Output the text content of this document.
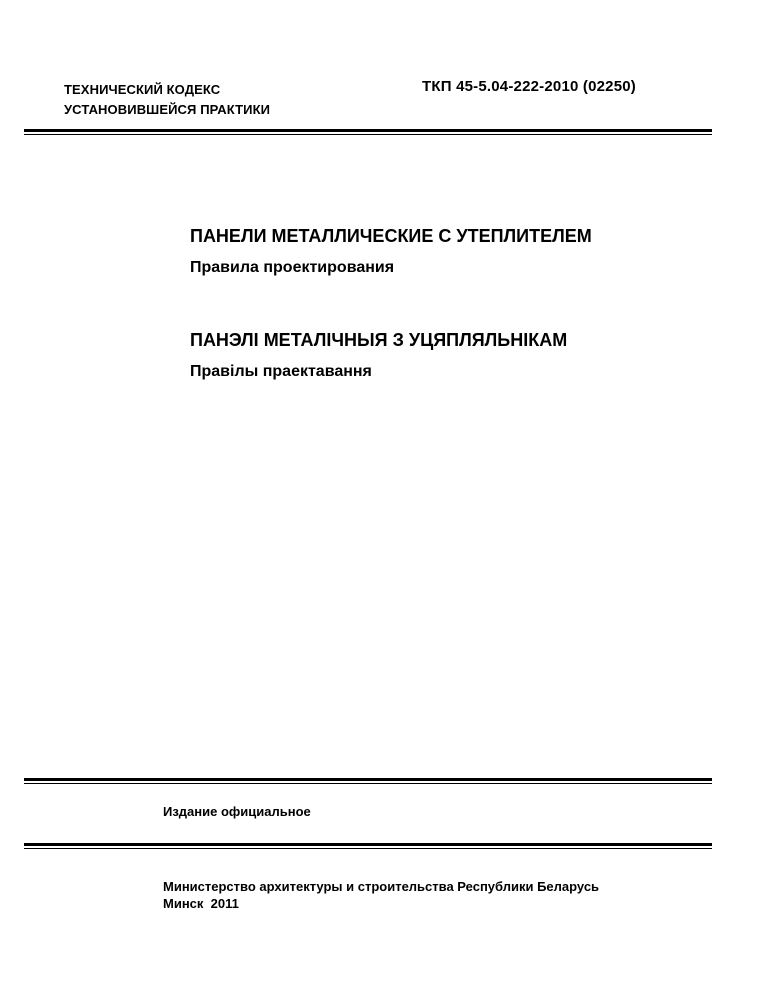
ТЕХНИЧЕСКИЙ КОДЕКС
УСТАНОВИВШЕЙСЯ ПРАКТИКИ
ТКП 45-5.04-222-2010 (02250)
ПАНЕЛИ МЕТАЛЛИЧЕСКИЕ С УТЕПЛИТЕЛЕМ
Правила проектирования
ПАНЭЛІ МЕТАЛІЧНЫЯ З УЦЯПЛЯЛЬНІКАМ
Правілы праектавання
Издание официальное
Министерство архитектуры и строительства Республики Беларусь
Минск  2011
